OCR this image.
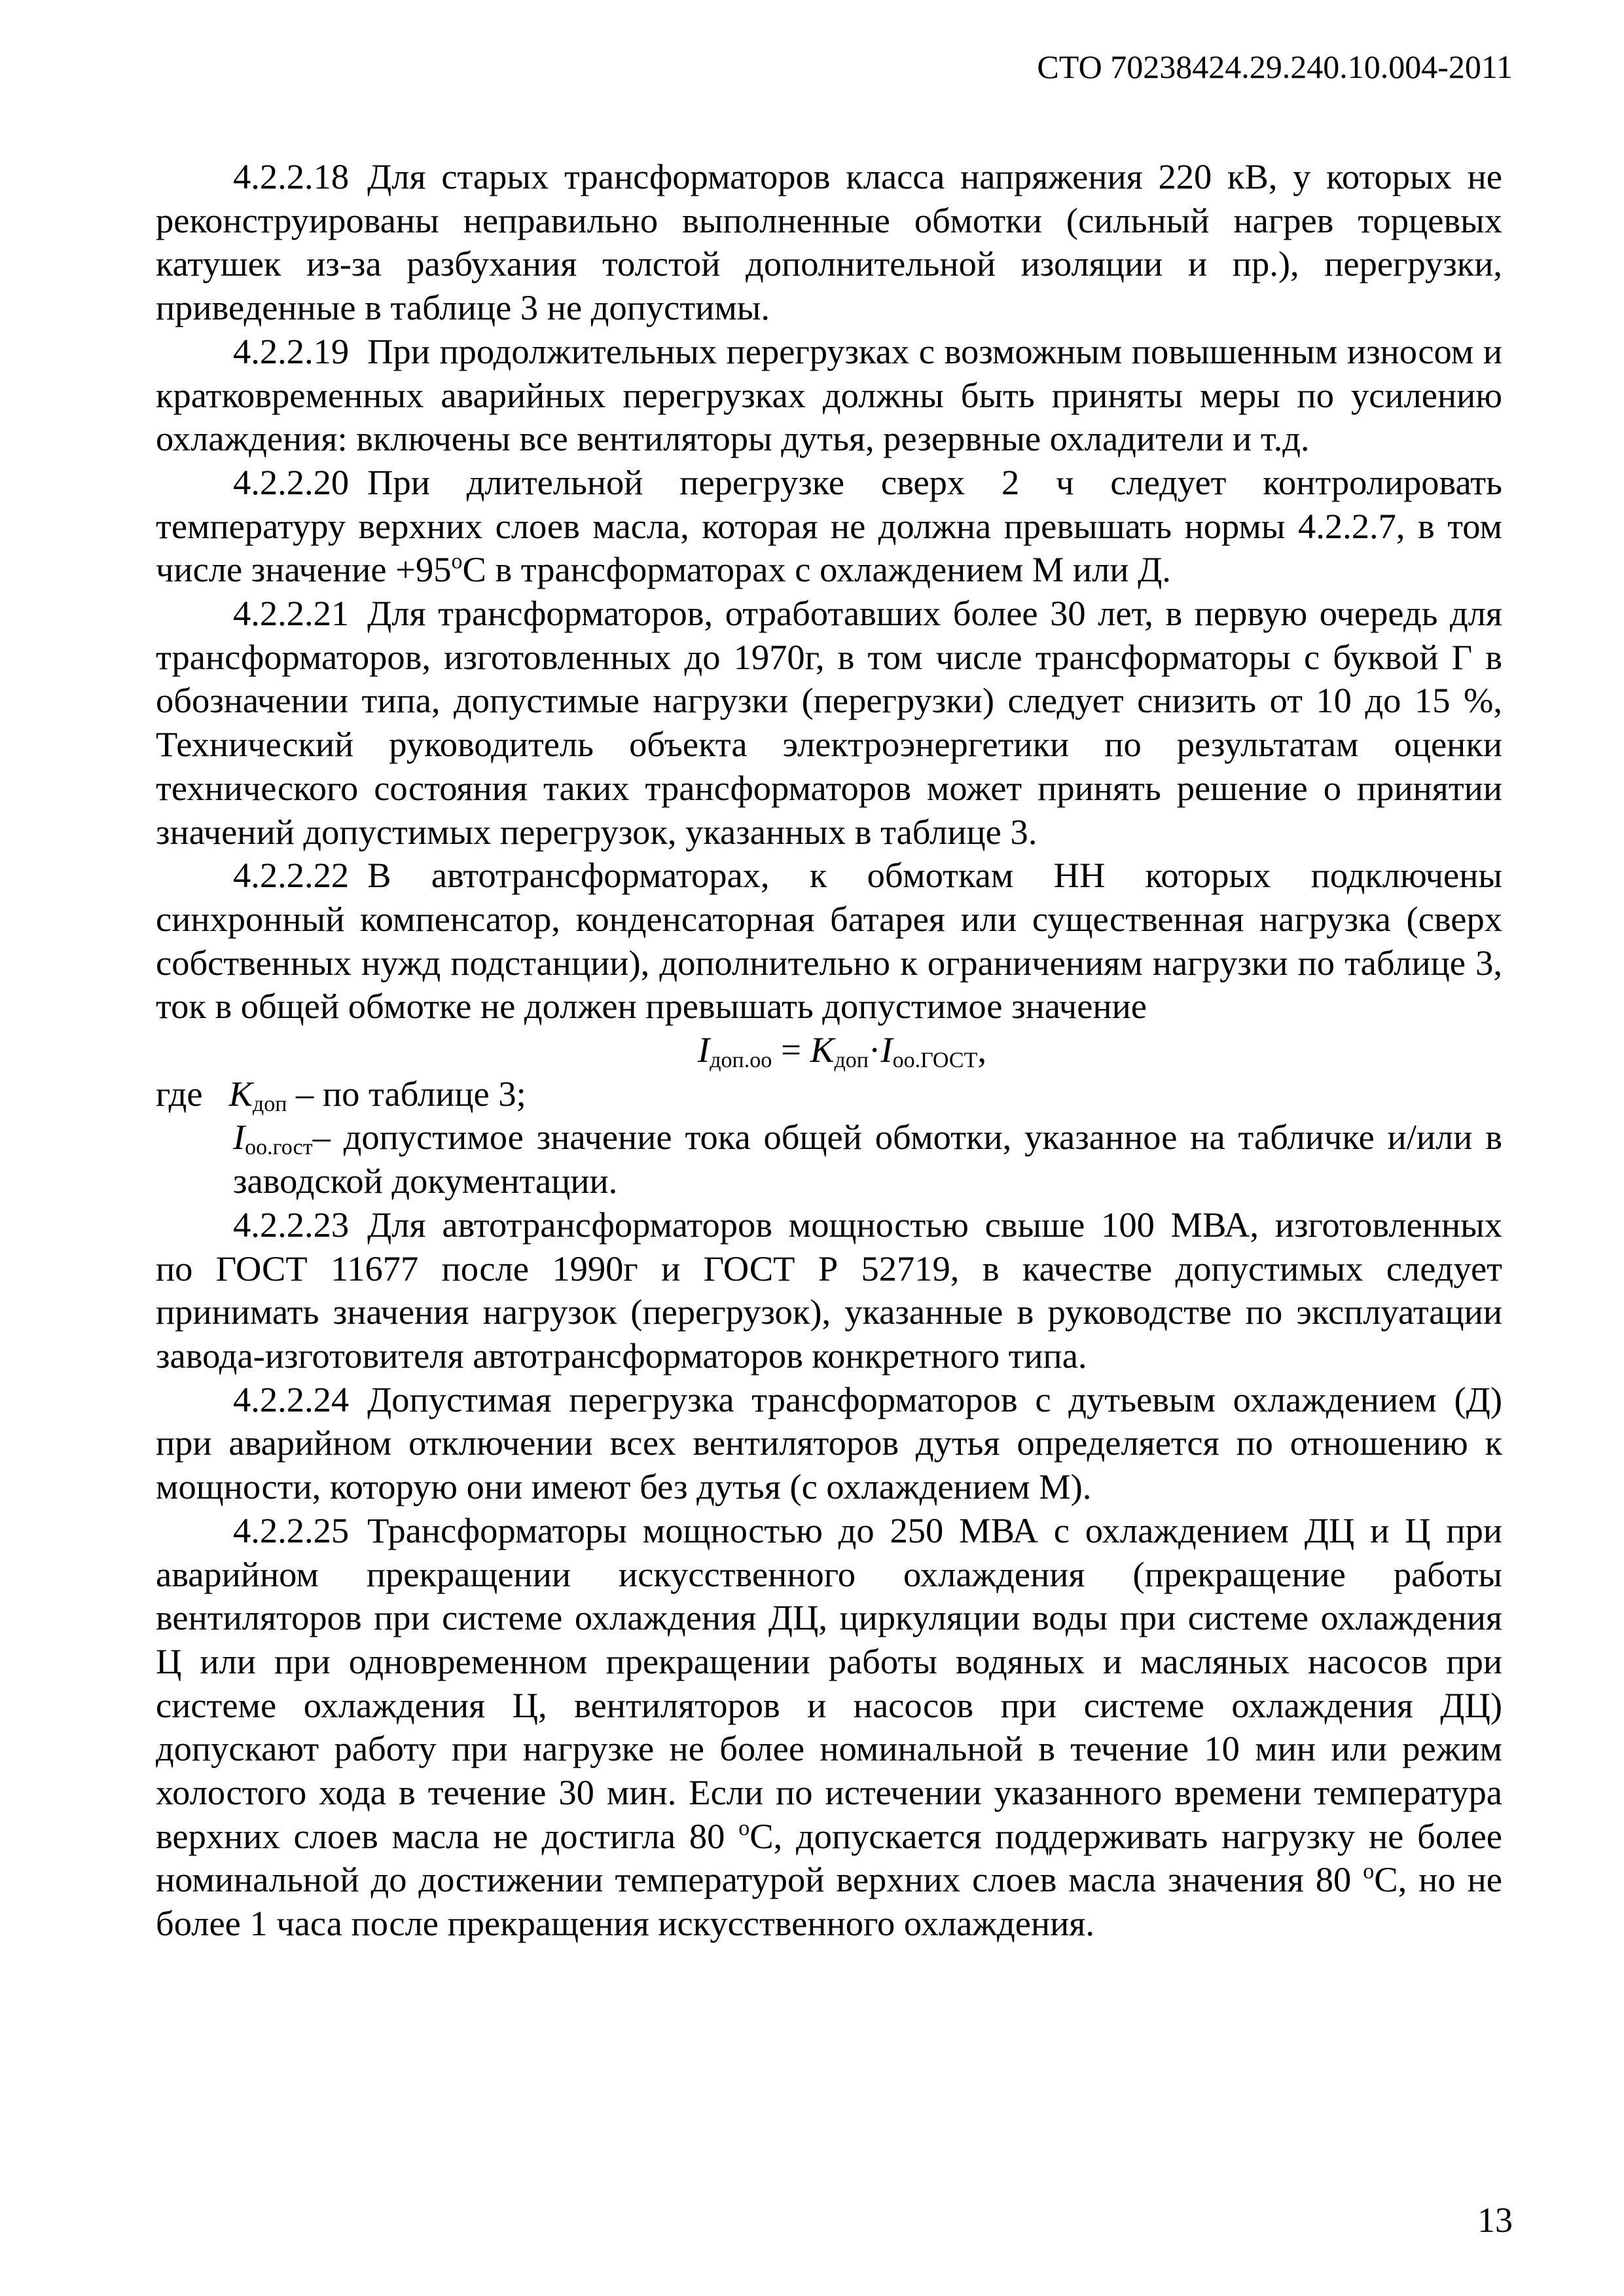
СТО 70238424.29.240.10.004-2011

4.2.2.18 Для старых трансформаторов класса напряжения 220 кВ, у которых не реконструированы неправильно выполненные обмотки (сильный нагрев торцевых катушек из-за разбухания толстой дополнительной изоляции и пр.), перегрузки, приведенные в таблице 3 не допустимы.

4.2.2.19 При продолжительных перегрузках с возможным повышенным износом и кратковременных аварийных перегрузках должны быть приняты меры по усилению охлаждения: включены все вентиляторы дутья, резервные охладители и т.д.

4.2.2.20 При длительной перегрузке сверх 2 ч следует контролировать температуру верхних слоев масла, которая не должна превышать нормы 4.2.2.7, в том числе значение $+95^oС$ в трансформаторах с охлаждением М или Д.

4.2.2.21 Для трансформаторов, отработавших более 30 лет, в первую очередь для трансформаторов, изготовленных до 1970г, в том числе трансформаторы с буквой Г в обозначении типа, допустимые нагрузки (перегрузки) следует снизить от 10 до 15 %, Технический руководитель объекта электроэнергетики по результатам оценки технического состояния таких трансформаторов может принять решение о принятии значений допустимых перегрузок, указанных в таблице 3.

4.2.2.22 В автотрансформаторах, к обмоткам НН которых подключены синхронный компенсатор, конденсаторная батарея или существенная нагрузка (сверх собственных нужд подстанции), дополнительно к ограничениям нагрузки по таблице 3, ток в общей обмотке не должен превышать допустимое значение

$I_{доп.оо} = K_{доп}\cdot I_{оо.ГОСТ}$,

где $K_{доп}$ – по таблице 3;

$I_{оо.гост}-$ допустимое значение тока общей обмотки, указанное на табличке и/или в заводской документации.

4.2.2.23 Для автотрансформаторов мощностью свыше 100 МВА, изготовленных по ГОСТ 11677 после 1990г и ГОСТ Р 52719, в качестве допустимых следует принимать значения нагрузок (перегрузок), указанные в руководстве по эксплуатации завода-изготовителя автотрансформаторов конкретного типа.

4.2.2.24 Допустимая перегрузка трансформаторов с дутьевым охлаждением (Д) при аварийном отключении всех вентиляторов дутья определяется по отношению к мощности, которую они имеют без дутья (с охлаждением М).

4.2.2.25 Трансформаторы мощностью до 250 МВА с охлаждением ДЦ и Ц при аварийном прекращении искусственного охлаждения (прекращение работы вентиляторов при системе охлаждения ДЦ, циркуляции воды при системе охлаждения Ц или при одновременном прекращении работы водяных и масляных насосов при системе охлаждения Ц, вентиляторов и насосов при системе охлаждения ДЦ) допускают работу при нагрузке не более номинальной в течение 10 мин или режим холостого хода в течение 30 мин. Если по истечении указанного времени температура верхних слоев масла не достигла 80 $^o$С, допускается поддерживать нагрузку не более номинальной до достижении температурой верхних слоев масла значения 80 $^o$С, но не более 1 часа после прекращения искусственного охлаждения.

13
